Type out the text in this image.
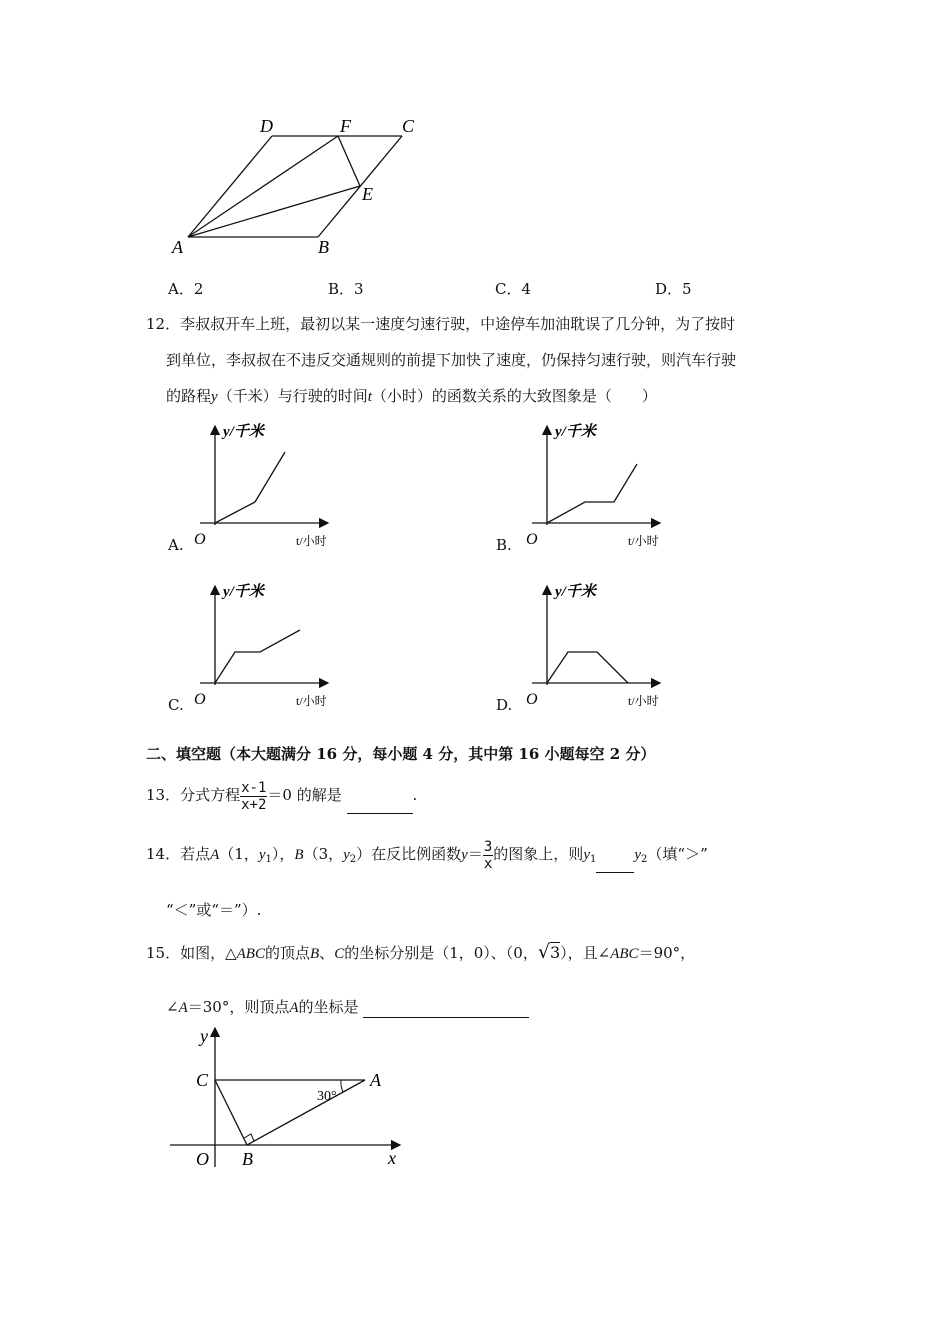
D	F	C
E
A	B
A．2	B．3	C．4	D．5
12．李叔叔开车上班，最初以某一速度匀速行驶，中途停车加油耽误了几分钟，为了按时
到单位，李叔叔在不违反交通规则的前提下加快了速度，仍保持匀速行驶，则汽车行驶
的路程y（千米）与行驶的时间t（小时）的函数关系的大致图象是（　　）
y/千米
t/小时
O
A.
y/千米
t/小时
O
B.
y/千米
t/小时
O
C.
y/千米
t/小时
O
D.
二、填空题（本大题满分 16 分，每小题 4 分，其中第 16 小题每空 2 分）
13．分式方程 $\frac{x-1}{x+2} =0$ 的解是	.
14．若点A（1，$y_1$），B（3，$y_2$）在反比例函数$y= \frac{3}{x}$ 的图象上，则$y_1$	$y_2$（填“＞”
“＜”或“＝”）.
15．如图，△ABC的顶点B、C的坐标分别是（1，0）、（0，√3），且∠ABC＝90°，
∠A＝30°，则顶点A的坐标是
y
x
O B
C	A
30°
